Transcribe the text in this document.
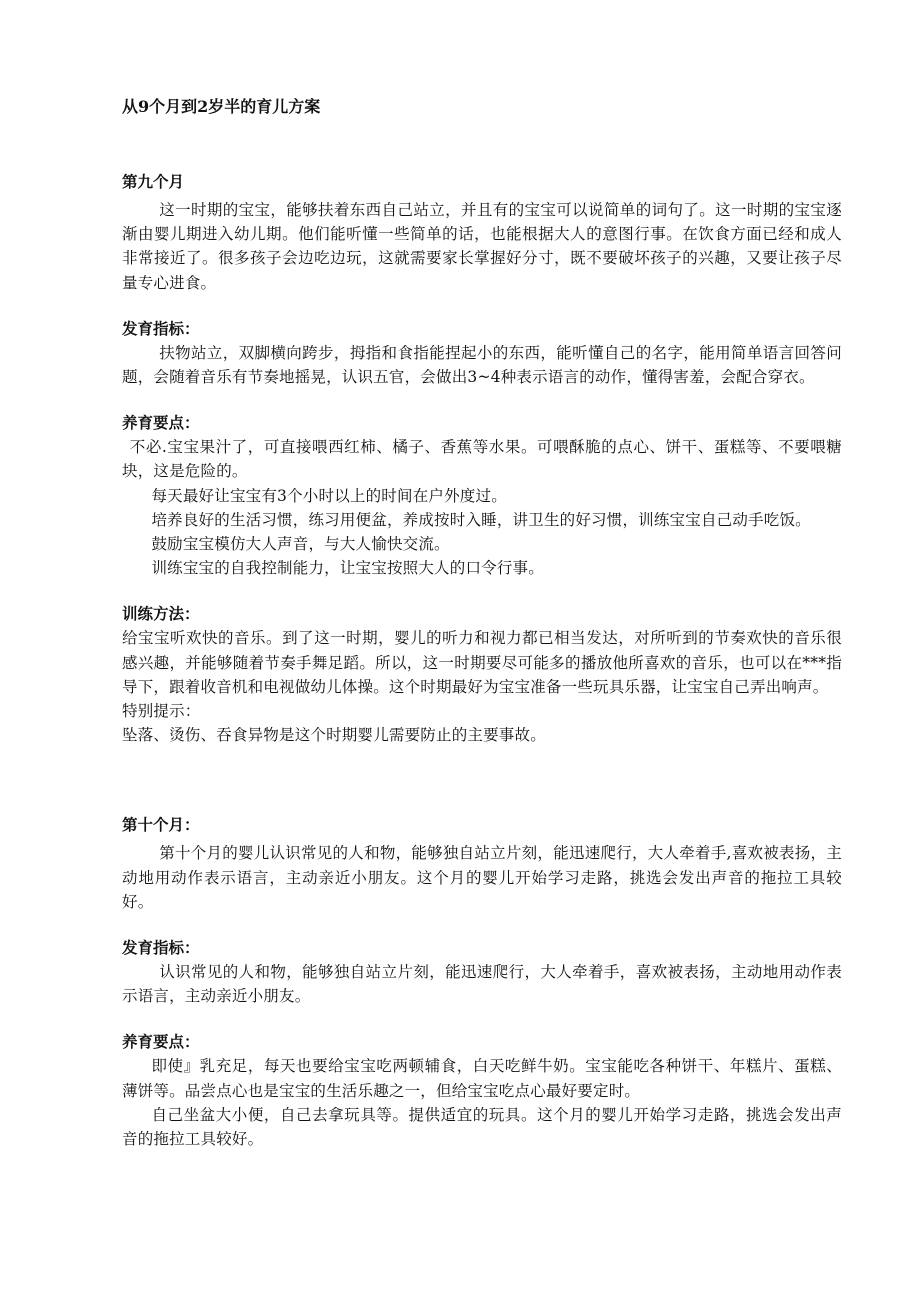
从9个月到2岁半的育儿方案

第九个月

这一时期的宝宝，能够扶着东西自己站立，并且有的宝宝可以说简单的词句了。这一时期的宝宝逐渐由婴儿期进入幼儿期。他们能听懂一些简单的话，也能根据大人的意图行事。在饮食方面已经和成人非常接近了。很多孩子会边吃边玩，这就需要家长掌握好分寸，既不要破坏孩子的兴趣，又要让孩子尽量专心进食。

发育指标：

扶物站立，双脚横向跨步，拇指和食指能捏起小的东西，能听懂自己的名字，能用简单语言回答问题，会随着音乐有节奏地摇晃，认识五官，会做出3~4种表示语言的动作，懂得害羞，会配合穿衣。

养育要点：

不必.宝宝果汁了，可直接喂西红柿、橘子、香蕉等水果。可喂酥脆的点心、饼干、蛋糕等、不要喂糖块，这是危险的。

每天最好让宝宝有3个小时以上的时间在户外度过。

培养良好的生活习惯，练习用便盆，养成按时入睡，讲卫生的好习惯，训练宝宝自己动手吃饭。

鼓励宝宝模仿大人声音，与大人愉快交流。

训练宝宝的自我控制能力，让宝宝按照大人的口令行事。

训练方法：

给宝宝听欢快的音乐。到了这一时期，婴儿的听力和视力都已相当发达，对所听到的节奏欢快的音乐很感兴趣，并能够随着节奏手舞足蹈。所以，这一时期要尽可能多的播放他所喜欢的音乐，也可以在***指导下，跟着收音机和电视做幼儿体操。这个时期最好为宝宝准备一些玩具乐器，让宝宝自己弄出响声。

特别提示：

坠落、烫伤、吞食异物是这个时期婴儿需要防止的主要事故。

第十个月：

第十个月的婴儿认识常见的人和物，能够独自站立片刻，能迅速爬行，大人牵着手,喜欢被表扬，主动地用动作表示语言，主动亲近小朋友。这个月的婴儿开始学习走路，挑选会发出声音的拖拉工具较好。

发育指标：

认识常见的人和物，能够独自站立片刻，能迅速爬行，大人牵着手，喜欢被表扬，主动地用动作表示语言，主动亲近小朋友。

养育要点：

即使』乳充足，每天也要给宝宝吃两顿辅食，白天吃鲜牛奶。宝宝能吃各种饼干、年糕片、蛋糕、薄饼等。品尝点心也是宝宝的生活乐趣之一，但给宝宝吃点心最好要定时。

自己坐盆大小便，自己去拿玩具等。提供适宜的玩具。这个月的婴儿开始学习走路，挑选会发出声音的拖拉工具较好。
